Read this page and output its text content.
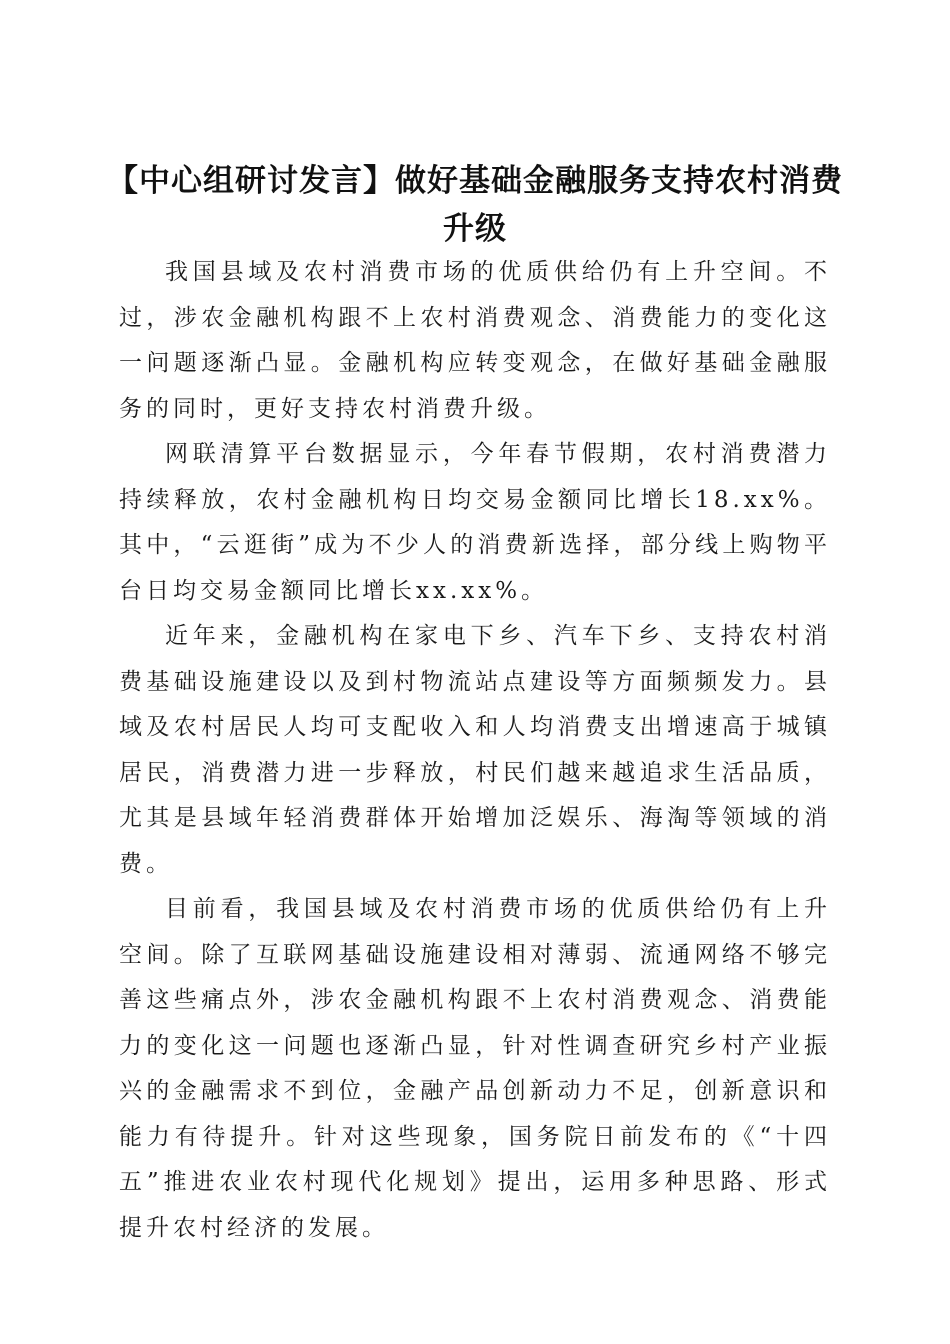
【中心组研讨发言】做好基础金融服务支持农村消费升级

我国县域及农村消费市场的优质供给仍有上升空间。不过，涉农金融机构跟不上农村消费观念、消费能力的变化这一问题逐渐凸显。金融机构应转变观念，在做好基础金融服务的同时，更好支持农村消费升级。

网联清算平台数据显示，今年春节假期，农村消费潜力持续释放，农村金融机构日均交易金额同比增长18.xx%。其中，“云逛街”成为不少人的消费新选择，部分线上购物平台日均交易金额同比增长xx.xx%。

近年来，金融机构在家电下乡、汽车下乡、支持农村消费基础设施建设以及到村物流站点建设等方面频频发力。县域及农村居民人均可支配收入和人均消费支出增速高于城镇居民，消费潜力进一步释放，村民们越来越追求生活品质，尤其是县域年轻消费群体开始增加泛娱乐、海淘等领域的消费。

目前看，我国县域及农村消费市场的优质供给仍有上升空间。除了互联网基础设施建设相对薄弱、流通网络不够完善这些痛点外，涉农金融机构跟不上农村消费观念、消费能力的变化这一问题也逐渐凸显，针对性调查研究乡村产业振兴的金融需求不到位，金融产品创新动力不足，创新意识和能力有待提升。针对这些现象，国务院日前发布的《“十四五”推进农业农村现代化规划》提出，运用多种思路、形式提升农村经济的发展。
